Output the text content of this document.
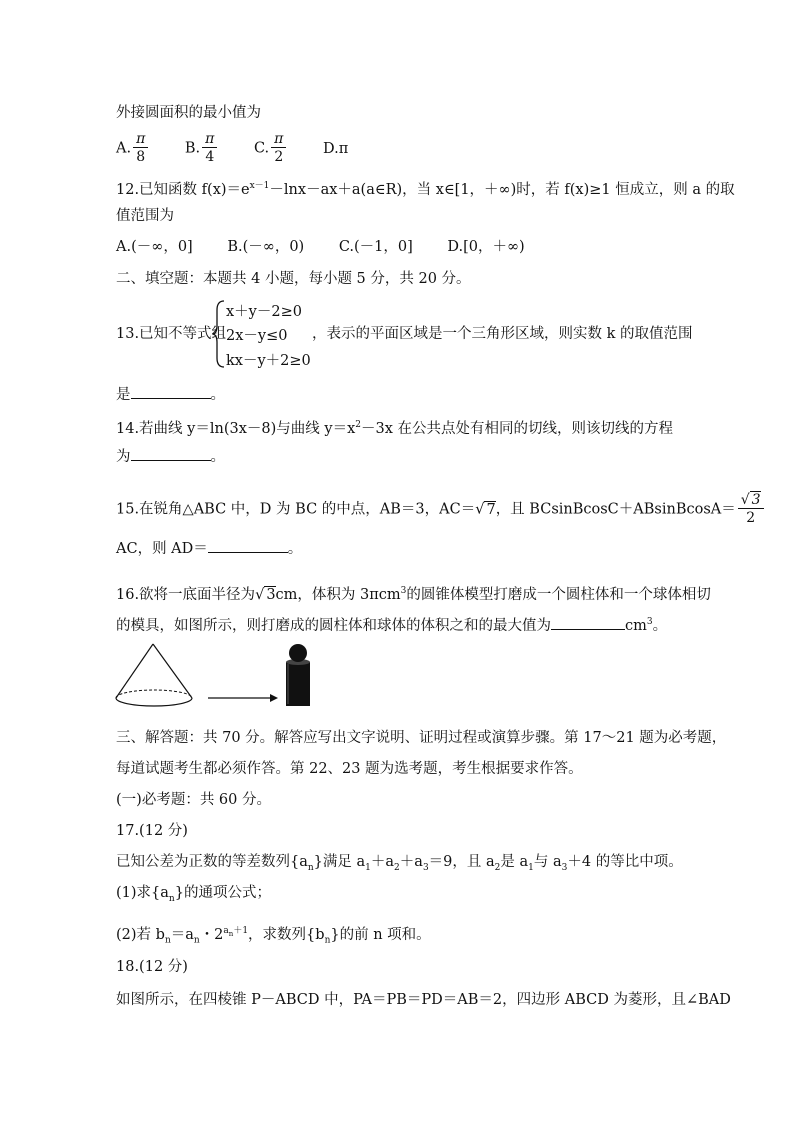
外接圆面积的最小值为
A. $\frac{\pi}{8}$	B. $\frac{\pi}{4}$	C. $\frac{\pi}{2}$	D.π
12.已知函数 $f(x)=e^{x-1}-\ln x-ax+a(a\in R)$，当 x∈[1，＋∞)时，若 f(x)≥1 恒成立，则 a 的取
值范围为
A.(－∞，0] B.(－∞，0) C.(－1，0] D.[0，＋∞)
二、填空题：本题共 4 小题，每小题 5 分，共 20 分。
13.已知不等式组
x＋y－2≥0
2x－y≤0
kx－y＋2≥0
，表示的平面区域是一个三角形区域，则实数 k 的取值范围
是	。
14.若曲线 y＝ln(3x－8)与曲线 $y=x^2-3x$ 在公共点处有相同的切线，则该切线的方程
为	。
15.在锐角△ABC 中，D 为 BC 的中点，AB＝3，AC＝√ 7，且 BCsinBcosC＋ABsinBcosA＝ $\frac{√ 3}{2}$
AC，则 AD＝	。
16.欲将一底面半径为√ 3cm，体积为 3πcm$^3$的圆锥体模型打磨成一个圆柱体和一个球体相切
的模具，如图所示，则打磨成的圆柱体和球体的体积之和的最大值为	$cm^3$。
三、解答题：共 70 分。解答应写出文字说明、证明过程或演算步骤。第 17～21 题为必考题，
每道试题考生都必须作答。第 22、23 题为选考题，考生根据要求作答。
(一)必考题：共 60 分。
17.(12 分)
已知公差为正数的等差数列$\{a_n\}$满足 $a_1+a_2+a_3=9$，且 $a_2$是 $a_1$与 $a_3+4$ 的等比中项。
(1)求$\{a_n\}$的通项公式；
(2)若 $b_n=a_n$・$2^{a_n+1}$，求数列$\{b_n\}$的前 n 项和。
18.(12 分)
如图所示，在四棱锥 P－ABCD 中，PA＝PB＝PD＝AB＝2，四边形 ABCD 为菱形，且∠BAD
